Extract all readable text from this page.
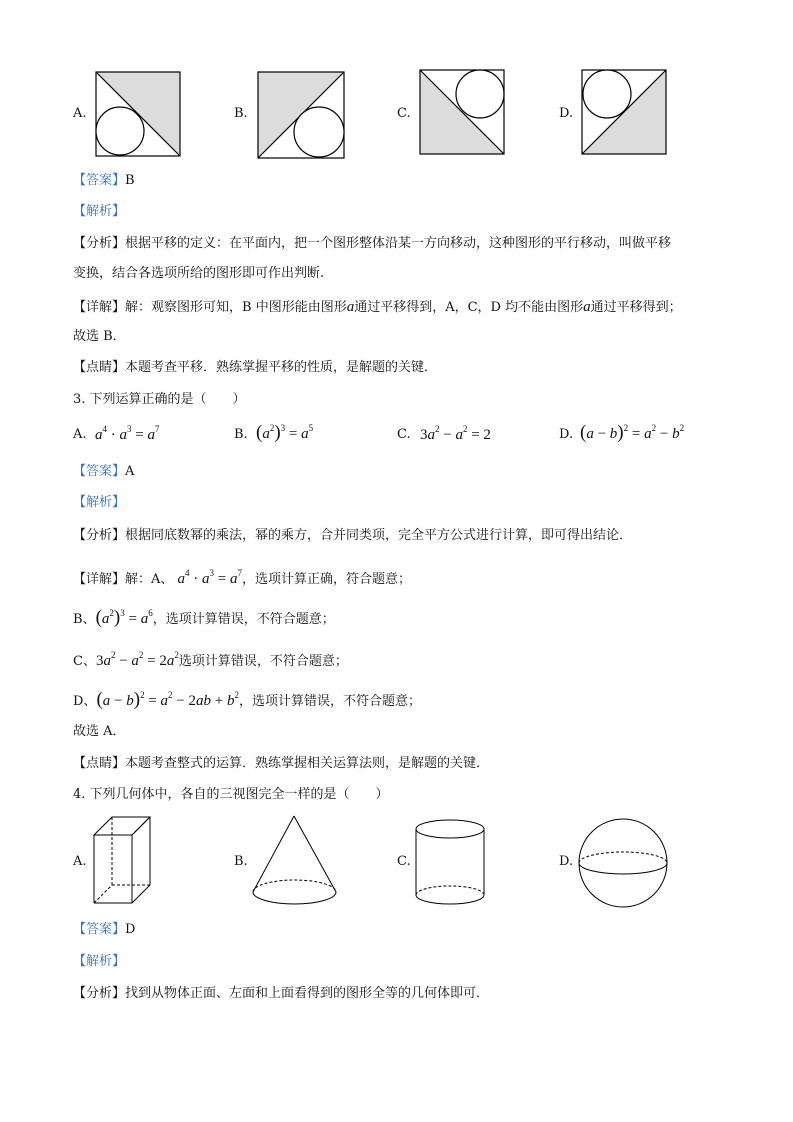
A.	B.	C.	D.
【答案】B
【解析】
【分析】根据平移的定义：在平面内，把一个图形整体沿某一方向移动，这种图形的平行移动，叫做平移
变换，结合各选项所给的图形即可作出判断.
【详解】解：观察图形可知，B 中图形能由图形a通过平移得到，A，C，D 均不能由图形a通过平移得到；
故选 B．
【点睛】本题考查平移．熟练掌握平移的性质，是解题的关键．
3. 下列运算正确的是（　　）
A. $a^4 \cdot a^3 = a^7$	B. $(a^2)^3 = a^5$	C. $3a^2 - a^2 = 2$	D. $(a - b)^2 = a^2 - b^2$
【答案】A
【解析】
【分析】根据同底数幂的乘法，幂的乘方，合并同类项，完全平方公式进行计算，即可得出结论．
【详解】解：A、 $a^4 \cdot a^3 = a^7$，选项计算正确，符合题意；
B、$(a^2)^3 = a^6$，选项计算错误，不符合题意；
C、$3a^2 - a^2 = 2a^2$选项计算错误，不符合题意；
D、$(a - b)^2 = a^2 - 2ab + b^2$，选项计算错误，不符合题意；
故选 A．
【点睛】本题考查整式的运算．熟练掌握相关运算法则，是解题的关键．
4. 下列几何体中，各自的三视图完全一样的是（　　）
A.	B.	C.	D.
【答案】D
【解析】
【分析】找到从物体正面、左面和上面看得到的图形全等的几何体即可．
